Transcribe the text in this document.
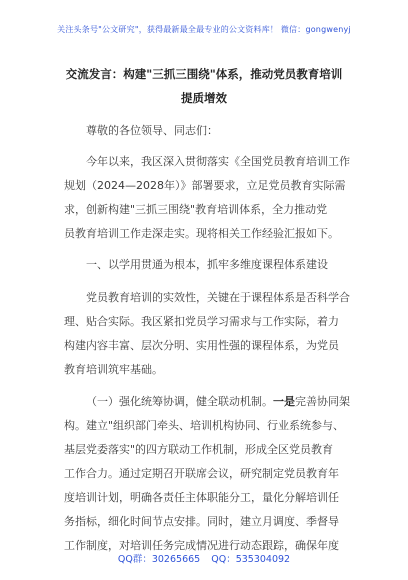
关注头条号"公文研究"，获得最新最全最专业的公文资料库！ 微信：gongwenyj
交流发言：构建"三抓三围绕"体系，推动党员教育培训
提质增效
尊敬的各位领导、同志们：
今年以来，我区深入贯彻落实《全国党员教育培训工作
规划（2024—2028年）》部署要求，立足党员教育实际需
求，创新构建"三抓三围绕"教育培训体系，全力推动党
员教育培训工作走深走实。现将相关工作经验汇报如下。
一、以学用贯通为根本，抓牢多维度课程体系建设
党员教育培训的实效性，关键在于课程体系是否科学合
理、贴合实际。我区紧扣党员学习需求与工作实际，着力
构建内容丰富、层次分明、实用性强的课程体系，为党员
教育培训筑牢基础。
（一）强化统筹协调，健全联动机制。一是完善协同架
构。建立"组织部门牵头、培训机构协同、行业系统参与、
基层党委落实"的四方联动工作机制，形成全区党员教育
工作合力。通过定期召开联席会议，研究制定党员教育年
度培训计划，明确各责任主体职能分工，量化分解培训任
务指标，细化时间节点安排。同时，建立月调度、季督导
工作制度，对培训任务完成情况进行动态跟踪，确保年度
QQ群：30265665 QQ：535304092
